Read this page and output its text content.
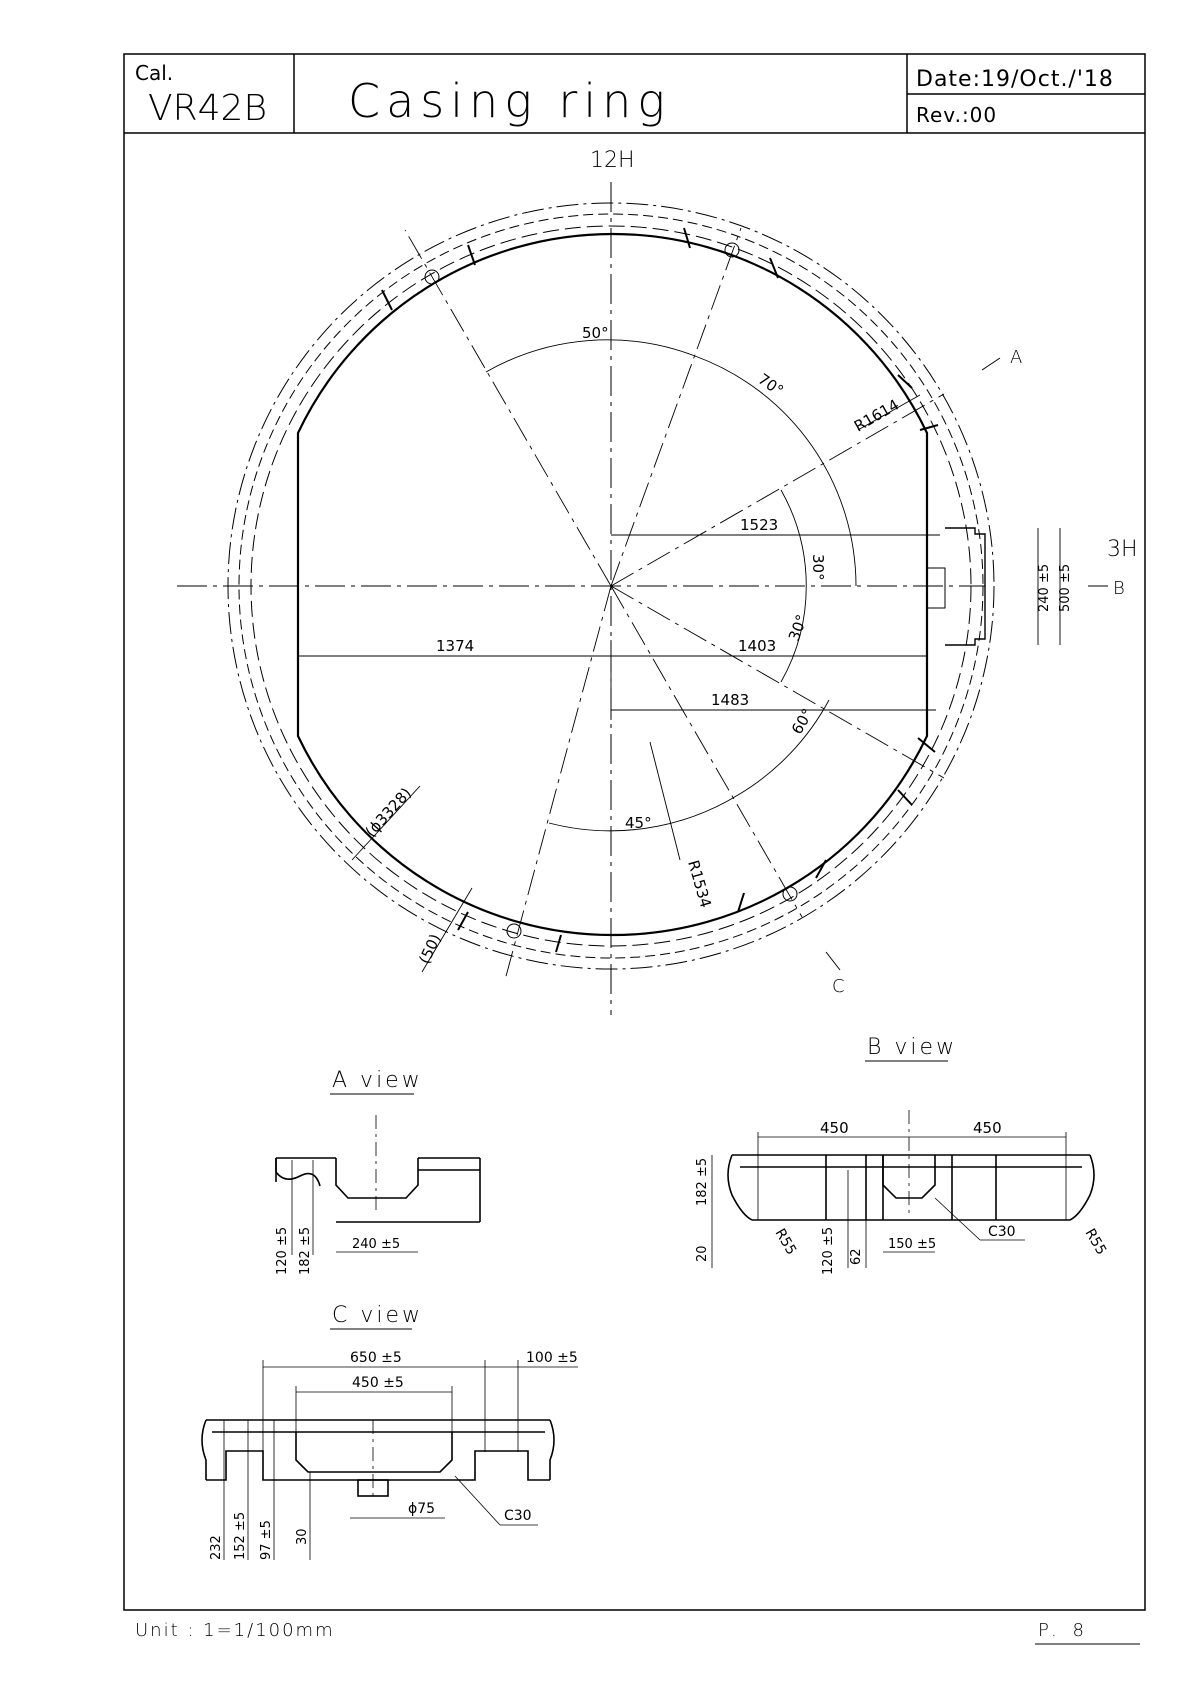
Cal.
VR42B Casing ring	Date:19/Oct./'18
Rev.:00
12H
3H
A
B
C
50°
70°
30°
30°
60°
45°
R1614
1523
1374	1403
1483
(ϕ3328)
R1534
(50)
240 ±5 500 ±5
A view
240 ±5
120 ±5 182 ±5
B view
450	450
182 ±5
20	R55	R55
120 ±5 62
150 ±5
C30
C view
650 ±5	100 ±5
450 ±5
ϕ75	C30
232 152 ±5 97 ±5 30
Unit : 1=1/100mm	P. 8
